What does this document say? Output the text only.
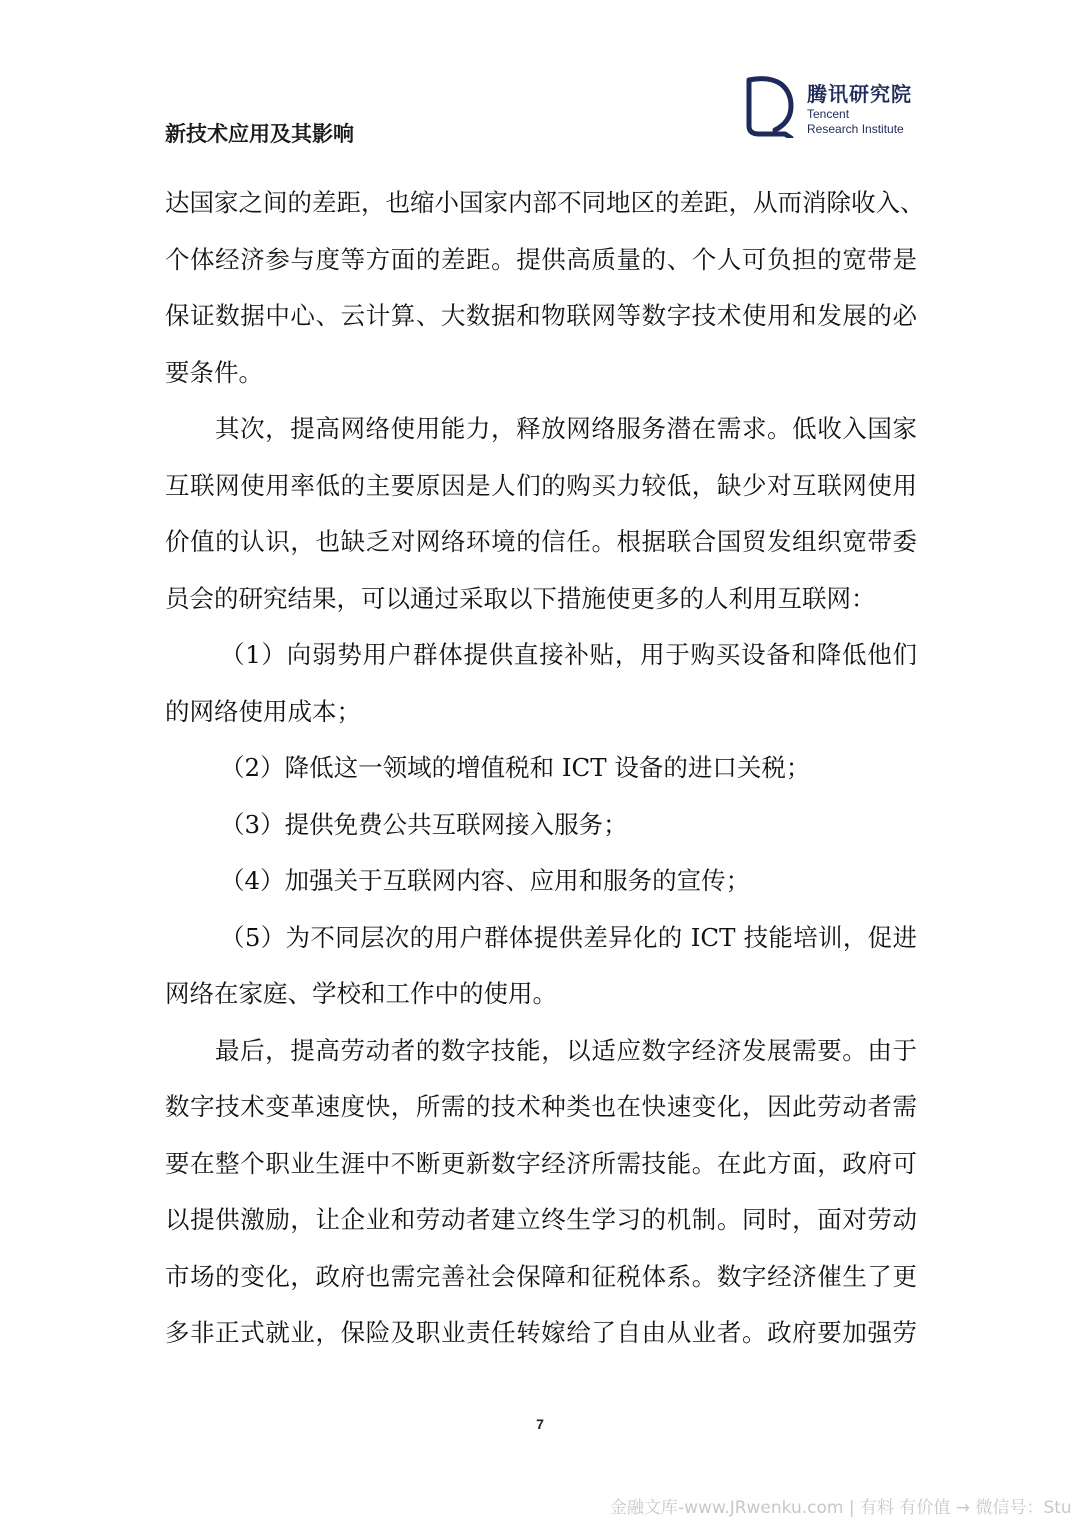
新技术应用及其影响
腾讯研究院
Tencent
Research Institute
达国家之间的差距，也缩小国家内部不同地区的差距，从而消除收入、
个体经济参与度等方面的差距。提供高质量的、个人可负担的宽带是
保证数据中心、云计算、大数据和物联网等数字技术使用和发展的必
要条件。
其次，提高网络使用能力，释放网络服务潜在需求。低收入国家
互联网使用率低的主要原因是人们的购买力较低，缺少对互联网使用
价值的认识，也缺乏对网络环境的信任。根据联合国贸发组织宽带委
员会的研究结果，可以通过采取以下措施使更多的人利用互联网：
（1）向弱势用户群体提供直接补贴，用于购买设备和降低他们
的网络使用成本；
（2）降低这一领域的增值税和 ICT 设备的进口关税；
（3）提供免费公共互联网接入服务；
（4）加强关于互联网内容、应用和服务的宣传；
（5）为不同层次的用户群体提供差异化的 ICT 技能培训，促进
网络在家庭、学校和工作中的使用。
最后，提高劳动者的数字技能，以适应数字经济发展需要。由于
数字技术变革速度快，所需的技术种类也在快速变化，因此劳动者需
要在整个职业生涯中不断更新数字经济所需技能。在此方面，政府可
以提供激励，让企业和劳动者建立终生学习的机制。同时，面对劳动
市场的变化，政府也需完善社会保障和征税体系。数字经济催生了更
多非正式就业，保险及职业责任转嫁给了自由从业者。政府要加强劳
7
金融文库-www.JRwenku.com | 有料 有价值 → 微信号：Stu
